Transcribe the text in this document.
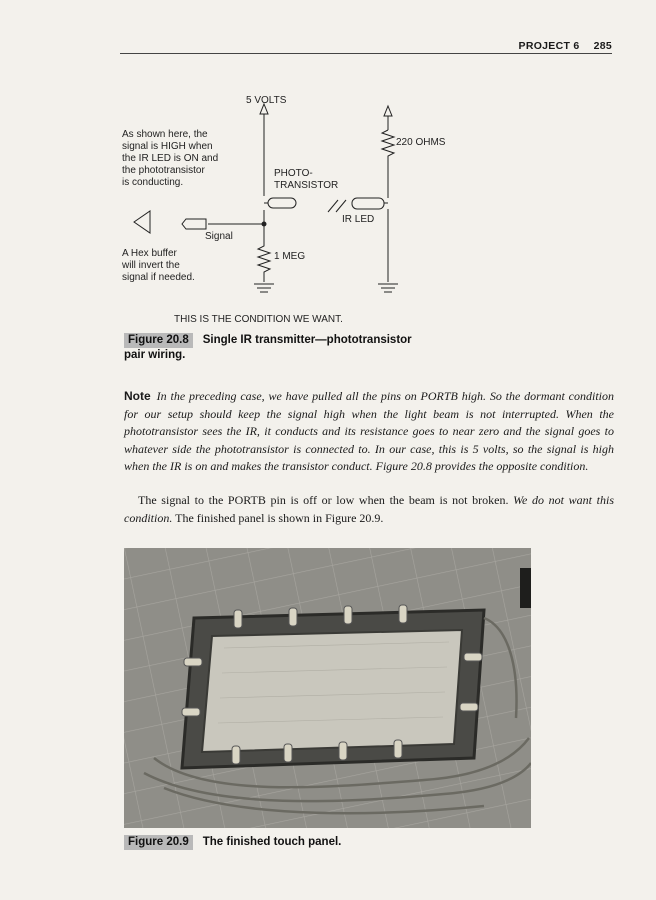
PROJECT 6 285
5 VOLTS
220 OHMS
PHOTO-
TRANSISTOR
IR LED
Signal
1 MEG
As shown here, the
signal is HIGH when
the IR LED is ON and
the phototransistor
is conducting.
A Hex buffer
will invert the
signal if needed.
THIS IS THE CONDITION WE WANT.
Figure 20.8 Single IR transmitter—phototransistor
pair wiring.
Note In the preceding case, we have pulled all the pins on PORTB high. So the dormant condition for our setup should keep the signal high when the light beam is not interrupted. When the phototransistor sees the IR, it conducts and its resistance goes to near zero and the signal goes to whatever side the phototransistor is connected to. In our case, this is 5 volts, so the signal is high when the IR is on and makes the transistor conduct. Figure 20.8 provides the opposite condition.
The signal to the PORTB pin is off or low when the beam is not broken. We do not want this condition. The finished panel is shown in Figure 20.9.
Figure 20.9 The finished touch panel.
